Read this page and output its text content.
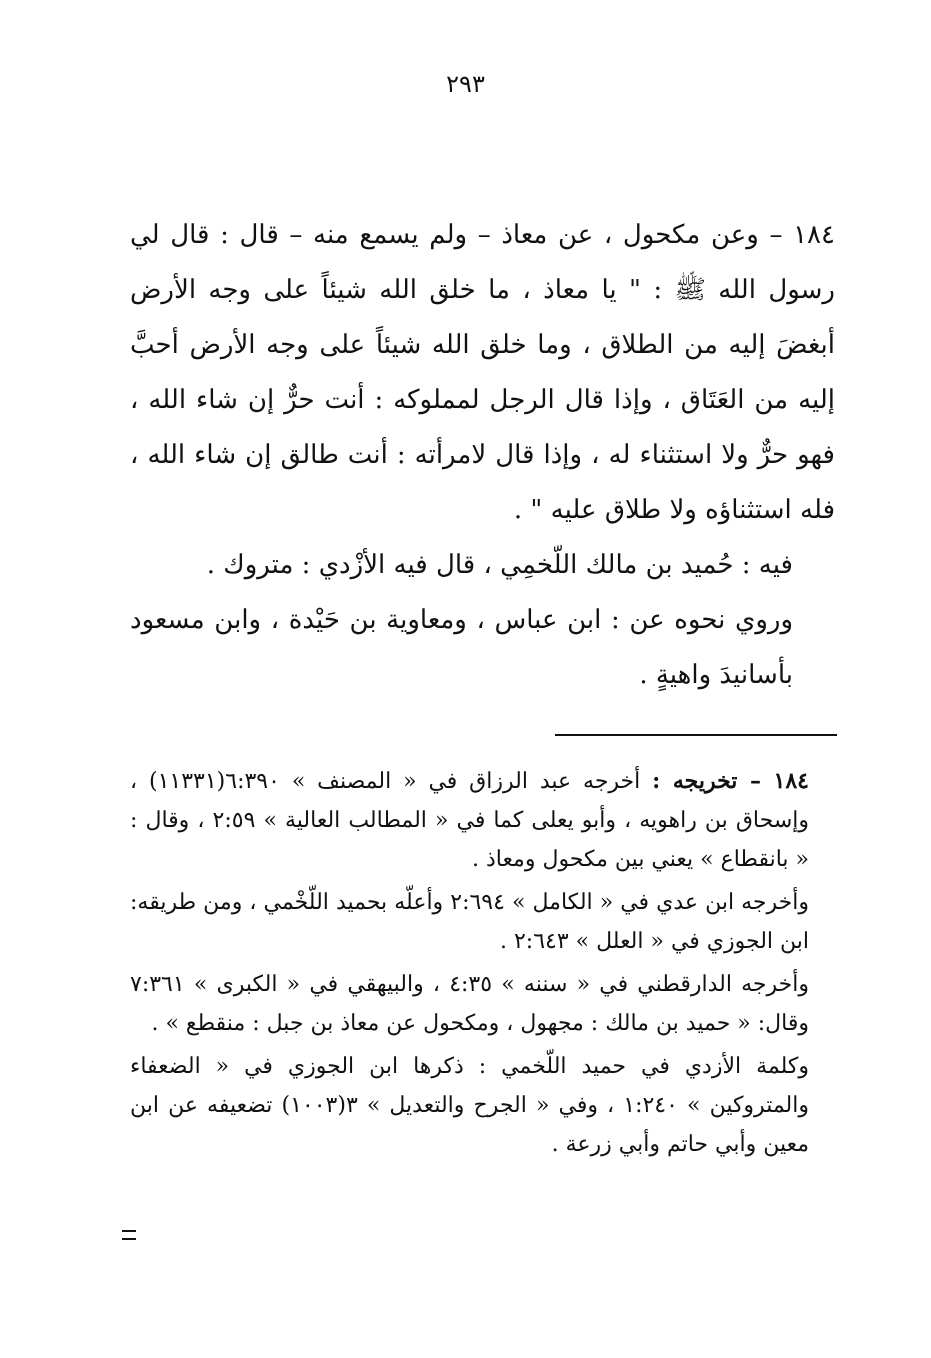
٢٩٣

١٨٤ – وعن مكحول ، عن معاذ – ولم يسمع منه – قال : قال لي رسول الله ﷺ : " يا معاذ ، ما خلق الله شيئاً على وجه الأرض أبغضَ إليه من الطلاق ، وما خلق الله شيئاً على وجه الأرض أحبَّ إليه من العَتَاق ، وإذا قال الرجل لمملوكه : أنت حرٌّ إن شاء الله ، فهو حرٌّ ولا استثناء له ، وإذا قال لامرأته : أنت طالق إن شاء الله ، فله استثناؤه ولا طلاق عليه " .

فيه : حُميد بن مالك اللّخمِي ، قال فيه الأزْدي : متروك .

وروي نحوه عن : ابن عباس ، ومعاوية بن حَيْدة ، وابن مسعود بأسانيدَ واهيةٍ .

١٨٤ – تخريجه : أخرجه عبد الرزاق في « المصنف » ٦:٣٩٠(١١٣٣١) ، وإسحاق بن راهويه ، وأبو يعلى كما في « المطالب العالية » ٢:٥٩ ، وقال : « بانقطاع » يعني بين مكحول ومعاذ .

وأخرجه ابن عدي في « الكامل » ٢:٦٩٤ وأعلّه بحميد اللّخْمي ، ومن طريقه: ابن الجوزي في « العلل » ٢:٦٤٣ .

وأخرجه الدارقطني في « سننه » ٤:٣٥ ، والبيهقي في « الكبرى » ٧:٣٦١ وقال: « حميد بن مالك : مجهول ، ومكحول عن معاذ بن جبل : منقطع » .

وكلمة الأزدي في حميد اللّخمي : ذكرها ابن الجوزي في « الضعفاء والمتروكين » ١:٢٤٠ ، وفي « الجرح والتعديل » ٣(١٠٠٣) تضعيفه عن ابن معين وأبي حاتم وأبي زرعة .
